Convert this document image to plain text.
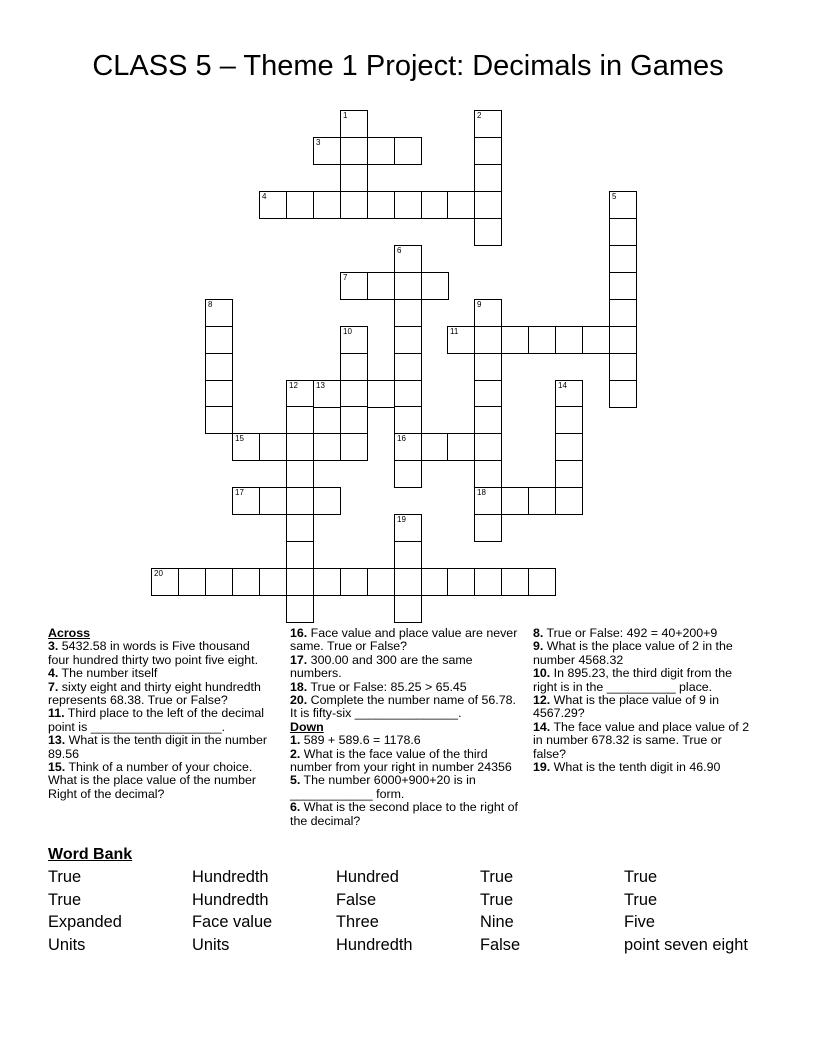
CLASS 5 – Theme 1 Project: Decimals in Games
1	2
3
4	5
6
16
7
8	9
18
10	11
12 13	14
15
17
19
20

Across

3. 5432.58 in words is Five thousand four hundred thirty two point five eight.

4. The number itself

7. sixty eight and thirty eight hundredth represents 68.38. True or False?

11. Third place to the left of the decimal point is ___________________.

13. What is the tenth digit in the number 89.56

15. Think of a number of your choice. What is the place value of the number Right of the decimal?

16. Face value and place value are never same. True or False?

17. 300.00 and 300 are the same numbers.

18. True or False: 85.25 > 65.45

20. Complete the number name of 56.78. It is fifty-six _______________.

Down

1. 589 + 589.6 = 1178.6

2. What is the face value of the third number from your right in number 24356

5. The number 6000+900+20 is in ____________ form.

6. What is the second place to the right of the decimal?

8. True or False: 492 = 40+200+9

9. What is the place value of 2 in the number 4568.32

10. In 895.23, the third digit from the right is in the __________ place.

12. What is the place value of 9 in 4567.29?

14. The face value and place value of 2 in number 678.32 is same. True or false?

19. What is the tenth digit in 46.90

Word Bank
True	Hundredth	Hundred	True	True
True	Hundredth	False	True	True
Expanded	Face value	Three	Nine	Five
Units	Units	Hundredth	False	point seven eight
